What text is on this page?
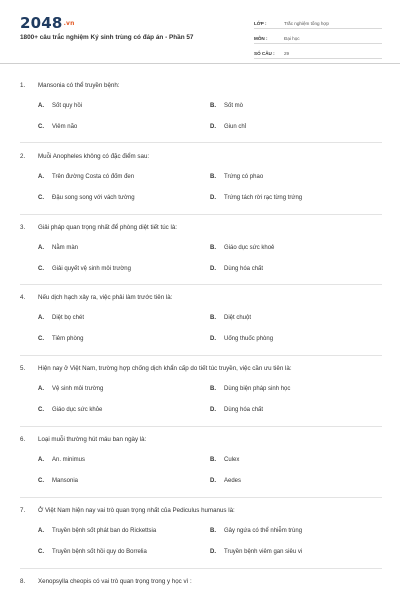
2048.vn
1800+ câu trắc nghiệm Ký sinh trùng có đáp án - Phần 57
LỚP :	Trắc nghiệm tổng hợp
MÔN :	Đại học
SỐ CÂU :	29
1.	Mansonia có thể truyền bệnh:
A.	Sốt quy hồi	B.	Sốt mò
C.	Viêm não	D.	Giun chỉ
2.	Muỗi Anopheles không có đặc điểm sau:
A.	Trên đường Costa có đốm đen	B.	Trứng có phao
C.	Đậu song song với vách tường	D.	Trứng tách rời rạc từng trứng
3.	Giải pháp quan trọng nhất để phòng diệt tiết túc là:
A.	Nằm màn	B.	Giáo dục sức khoẻ
C.	Giải quyết vệ sinh môi trường	D.	Dùng hóa chất
4.	Nếu dịch hạch xảy ra, việc phải làm trước tiên là:
A.	Diệt bọ chét	B.	Diệt chuột
C.	Tiêm phòng	D.	Uống thuốc phòng
5.	Hiện nay ở Việt Nam, trường hợp chống dịch khẩn cấp do tiết túc truyền, việc cần ưu tiên là:
A.	Vệ sinh môi trường	B.	Dùng biện pháp sinh học
C.	Giáo dục sức khỏe	D.	Dùng hóa chất
6.	Loại muỗi thường hút máu ban ngày là:
A.	An. minimus	B.	Culex
C.	Mansonia	D.	Aedes
7.	Ở Việt Nam hiện nay vai trò quan trọng nhất của Pediculus humanus là:
A.	Truyền bệnh sốt phát ban do Rickettsia	B.	Gây ngứa có thể nhiễm trùng
C.	Truyền bệnh sốt hồi quy do Borrelia	D.	Truyền bệnh viêm gan siêu vi
8.	Xenopsylla cheopis có vai trò quan trọng trong y học vì :
